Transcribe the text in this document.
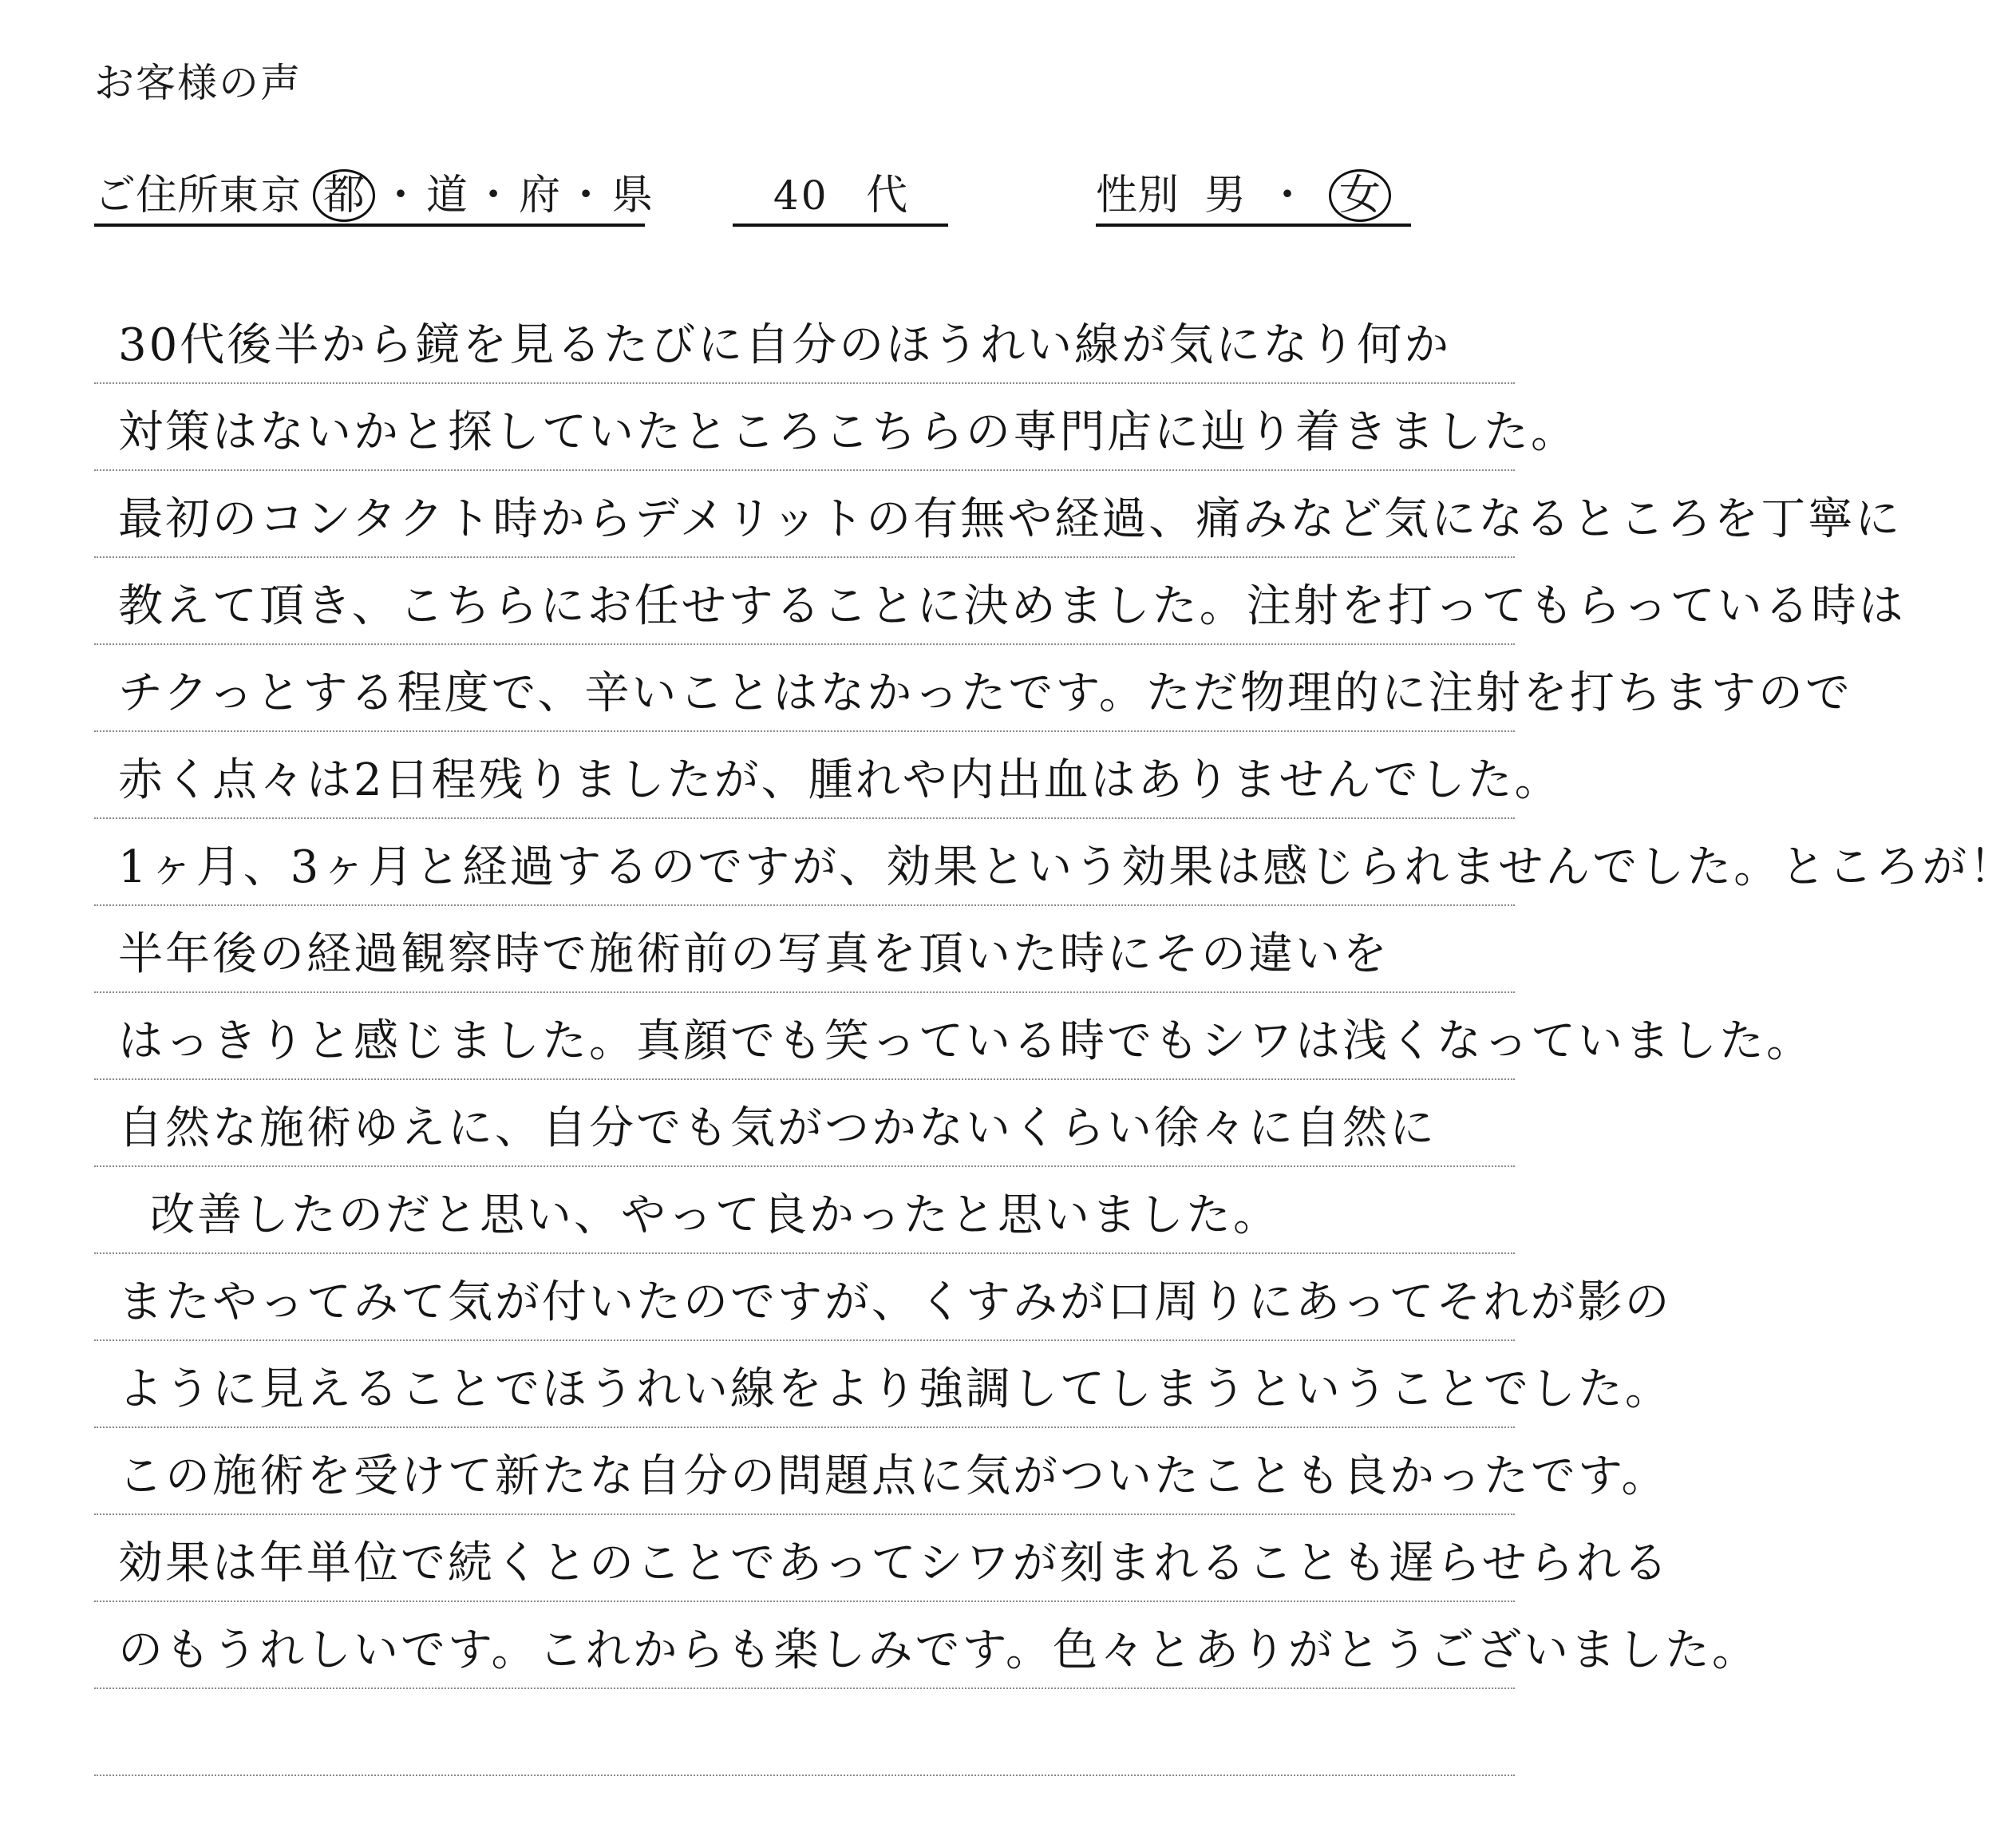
お客様の声
ご住所東京 都 ・ 道 ・ 府 ・ 県	40 代	性別 男 ・ 女
30代後半から鏡を見るたびに自分のほうれい線が気になり何か
対策はないかと探していたところこちらの専門店に辿り着きました。
最初のコンタクト時からデメリットの有無や経過、痛みなど気になるところを丁寧に
教えて頂き、こちらにお任せすることに決めました。注射を打ってもらっている時は
チクっとする程度で、辛いことはなかったです。ただ物理的に注射を打ちますので
赤く点々は2日程残りましたが、腫れや内出血はありませんでした。
1ヶ月、3ヶ月と経過するのですが、効果という効果は感じられませんでした。ところが！
半年後の経過観察時で施術前の写真を頂いた時にその違いを
はっきりと感じました。真顔でも笑っている時でもシワは浅くなっていました。
自然な施術ゆえに、自分でも気がつかないくらい徐々に自然に
改善したのだと思い、やって良かったと思いました。
またやってみて気が付いたのですが、くすみが口周りにあってそれが影の
ように見えることでほうれい線をより強調してしまうということでした。
この施術を受けて新たな自分の問題点に気がついたことも良かったです。
効果は年単位で続くとのことであってシワが刻まれることも遅らせられる
のもうれしいです。これからも楽しみです。色々とありがとうございました。
